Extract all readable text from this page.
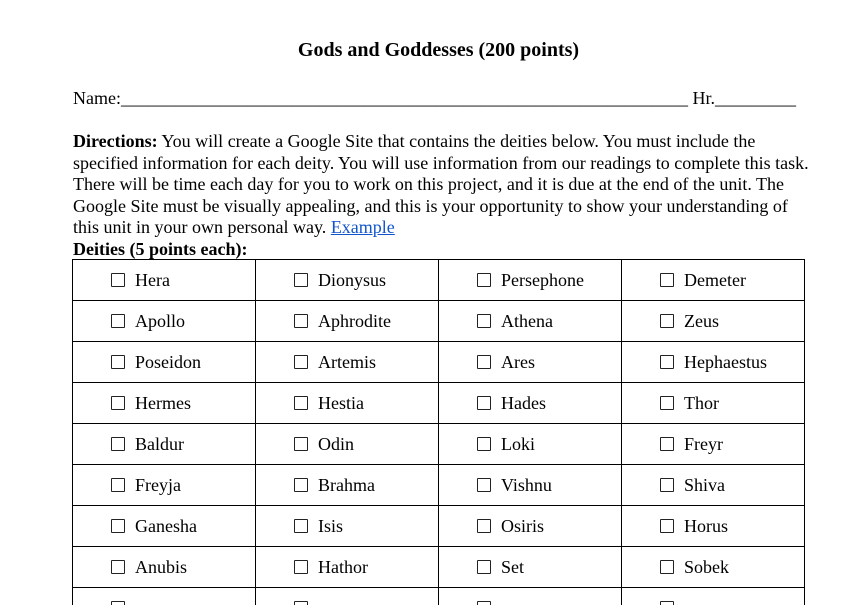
Gods and Goddesses (200 points)
Name:_______________________________________________________________ Hr._________
Directions: You will create a Google Site that contains the deities below. You must include the specified information for each deity. You will use information from our readings to complete this task. There will be time each day for you to work on this project, and it is due at the end of the unit. The Google Site must be visually appealing, and this is your opportunity to show your understanding of this unit in your own personal way. Example
Deities (5 points each):
Hera	Dionysus	Persephone	Demeter

Apollo	Aphrodite	Athena	Zeus

Poseidon	Artemis	Ares	Hephaestus

Hermes	Hestia	Hades	Thor

Baldur	Odin	Loki	Freyr

Freyja	Brahma	Vishnu	Shiva

Ganesha	Isis	Osiris	Horus

Anubis	Hathor	Set	Sobek
